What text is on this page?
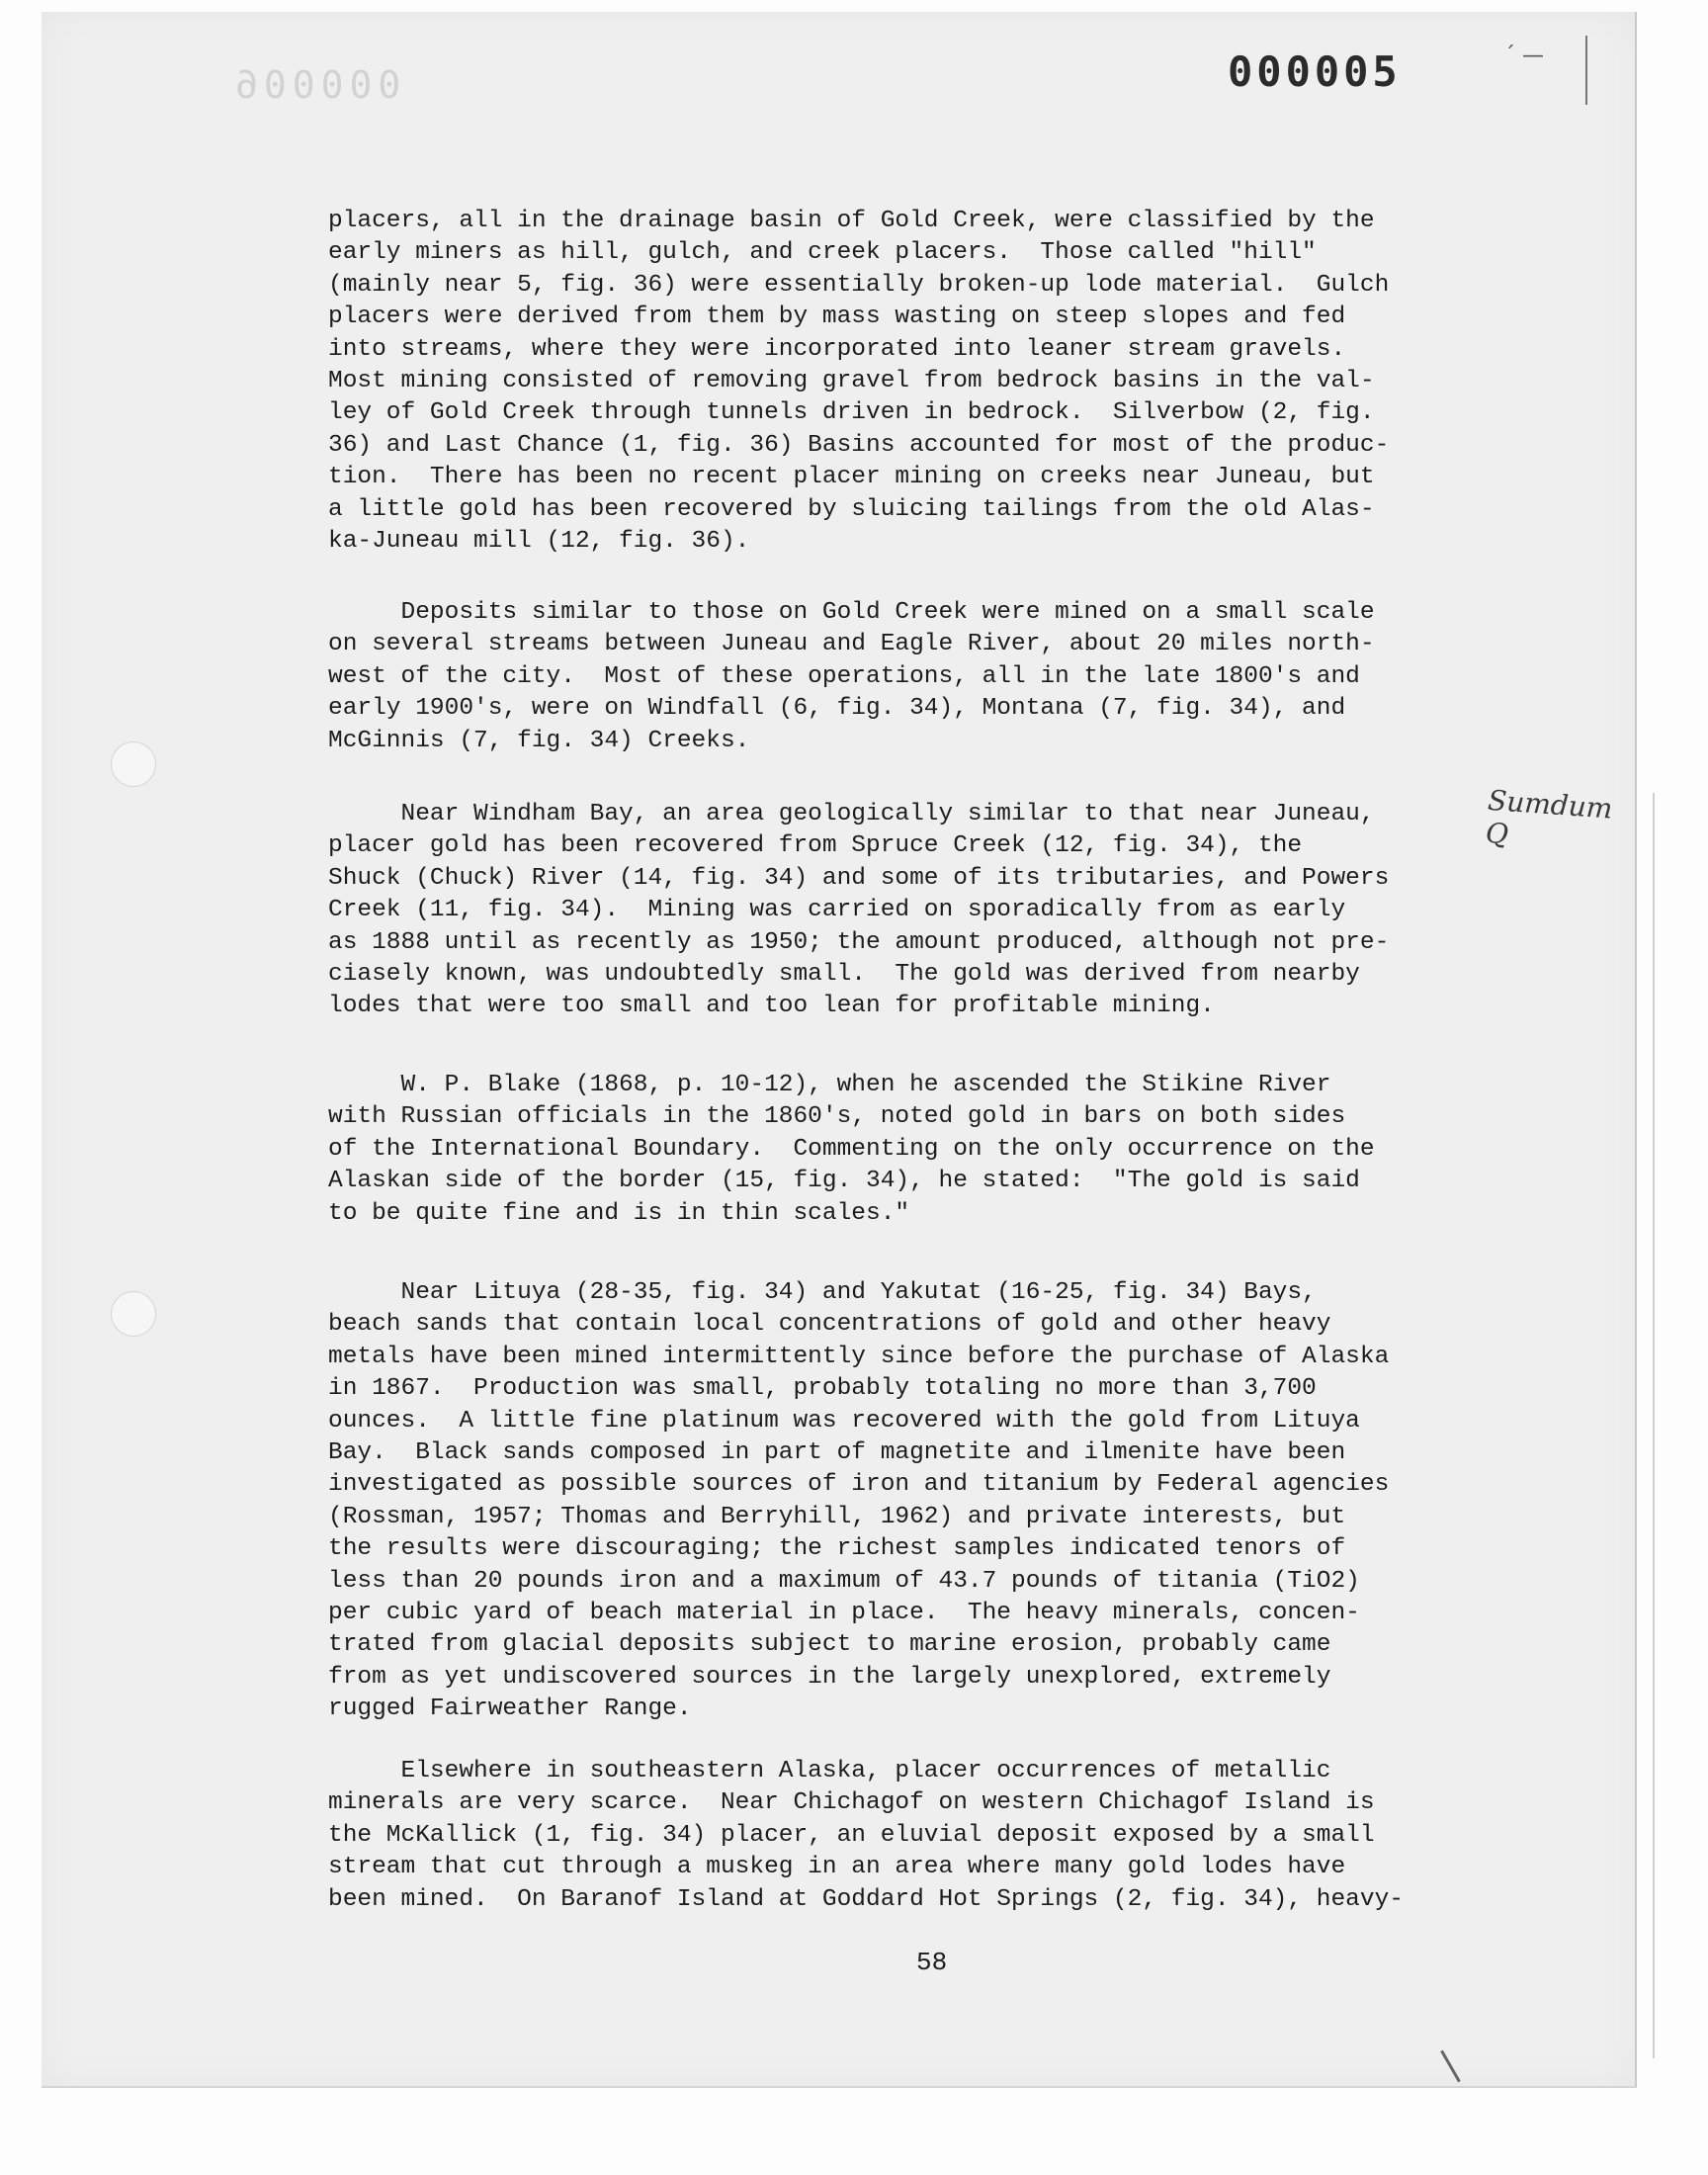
000006	000005	´ —

placers, all in the drainage basin of Gold Creek, were classified by the
early miners as hill, gulch, and creek placers.  Those called "hill"
(mainly near 5, fig. 36) were essentially broken-up lode material.  Gulch
placers were derived from them by mass wasting on steep slopes and fed
into streams, where they were incorporated into leaner stream gravels.
Most mining consisted of removing gravel from bedrock basins in the val-
ley of Gold Creek through tunnels driven in bedrock.  Silverbow (2, fig.
36) and Last Chance (1, fig. 36) Basins accounted for most of the produc-
tion.  There has been no recent placer mining on creeks near Juneau, but
a little gold has been recovered by sluicing tailings from the old Alas-
ka-Juneau mill (12, fig. 36).

Deposits similar to those on Gold Creek were mined on a small scale
on several streams between Juneau and Eagle River, about 20 miles north-
west of the city.  Most of these operations, all in the late 1800's and
early 1900's, were on Windfall (6, fig. 34), Montana (7, fig. 34), and
McGinnis (7, fig. 34) Creeks.

Near Windham Bay, an area geologically similar to that near Juneau,
placer gold has been recovered from Spruce Creek (12, fig. 34), the
Shuck (Chuck) River (14, fig. 34) and some of its tributaries, and Powers
Creek (11, fig. 34).  Mining was carried on sporadically from as early
as 1888 until as recently as 1950; the amount produced, although not pre-
ciasely known, was undoubtedly small.  The gold was derived from nearby
lodes that were too small and too lean for profitable mining.

W. P. Blake (1868, p. 10-12), when he ascended the Stikine River
with Russian officials in the 1860's, noted gold in bars on both sides
of the International Boundary.  Commenting on the only occurrence on the
Alaskan side of the border (15, fig. 34), he stated:  "The gold is said
to be quite fine and is in thin scales."

Near Lituya (28-35, fig. 34) and Yakutat (16-25, fig. 34) Bays,
beach sands that contain local concentrations of gold and other heavy
metals have been mined intermittently since before the purchase of Alaska
in 1867.  Production was small, probably totaling no more than 3,700
ounces.  A little fine platinum was recovered with the gold from Lituya
Bay.  Black sands composed in part of magnetite and ilmenite have been
investigated as possible sources of iron and titanium by Federal agencies
(Rossman, 1957; Thomas and Berryhill, 1962) and private interests, but
the results were discouraging; the richest samples indicated tenors of
less than 20 pounds iron and a maximum of 43.7 pounds of titania (TiO2)
per cubic yard of beach material in place.  The heavy minerals, concen-
trated from glacial deposits subject to marine erosion, probably came
from as yet undiscovered sources in the largely unexplored, extremely
rugged Fairweather Range.

Elsewhere in southeastern Alaska, placer occurrences of metallic
minerals are very scarce.  Near Chichagof on western Chichagof Island is
the McKallick (1, fig. 34) placer, an eluvial deposit exposed by a small
stream that cut through a muskeg in an area where many gold lodes have
been mined.  On Baranof Island at Goddard Hot Springs (2, fig. 34), heavy-

Sumdum Q
58
